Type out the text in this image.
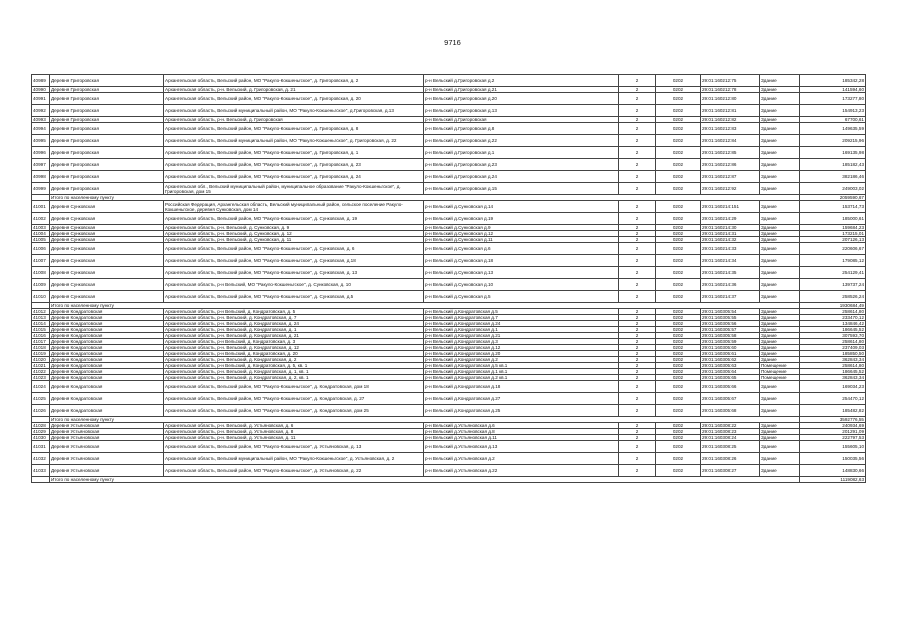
9716
40989	Деревня Григоровская	Архангельская область, Вельский район, МО "Ракуло-Кокшеньгское", д. Григоровская, д. 2	р-н Вельский д.Григоровская д.2	2	0202	29:01:160212:75	Здание	185342,28
40990	Деревня Григоровская	Архангельская область, р-н. Вельский, д. Григоровская, д. 21	р-н Вельский д.Григоровская д.21	2	0202	29:01:160212:78	Здание	141594,60
40991	Деревня Григоровская	Архангельская область, Вельский район, МО "Ракуло-Кокшеньгское", д. Григоровская, д. 20	р-н Вельский д.Григоровская д.20	2	0202	29:01:160212:80	Здание	173277,80
40992	Деревня Григоровская	Архангельская область, Вельский муниципальный район, МО "Ракуло-Кокшеньгское", д.Григоровская, д.13	р-н Вельский д.Григоровская д.13	2	0202	29:01:160212:81	Здание	154913,23
40993	Деревня Григоровская	Архангельская область, р-н. Вельский, д. Григоровская	р-н Вельский д.Григоровская	2	0202	29:01:160212:82	Здание	67700,61
40994	Деревня Григоровская	Архангельская область, Вельский район, МО "Ракуло-Кокшеньгское", д. Григоровская, д. 8	р-н Вельский д.Григоровская д.8	2	0202	29:01:160212:83	Здание	149635,59
40995	Деревня Григоровская	Архангельская область, Вельский муниципальный район, МО "Ракуло-Кокшеньгское", д. Григоровская, д. 22	р-н Вельский д.Григоровская д.22	2	0202	29:01:160212:84	Здание	209215,96
40996	Деревня Григоровская	Архангельская область, Вельский район, МО "Ракуло-Кокшеньгское", д. Григоровская, д. 1	р-н Вельский д.Григоровская д.1	2	0202	29:01:160212:85	Здание	169135,98
40997	Деревня Григоровская	Архангельская область, Вельский район, МО "Ракуло-Кокшеньгское", д. Григоровская, д. 23	р-н Вельский д.Григоровская д.23	2	0202	29:01:160212:86	Здание	185182,43
40998	Деревня Григоровская	Архангельская область, Вельский район, МО "Ракуло-Кокшеньгское", д. Григоровская, д. 24	р-н Вельский д.Григоровская д.24	2	0202	29:01:160212:87	Здание	382186,46
40999	Деревня Григоровская	Архангельская обл., Вельский муниципальный район, муниципальное образование "Ракуло-Кокшеньгское", д. Григоровская, дом 15	р-н Вельский д.Григоровская д.15	2	0202	29:01:160212:92	Здание	249003,02
	Итого по населенному пункту							2059590,67
41001	Деревня Сунковская	Российская Федерация, Архангельская область, Вельский муниципальный район, сельское поселение Ракуло-Кокшеньгское, деревня Сунковская, дом 14	р-н Вельский д.Сунковская д.14	2	0202	29:01:160214:151	Здание	153714,73
41002	Деревня Сунковская	Архангельская область, Вельский район, МО "Ракуло-Кокшеньгское", д. Сунковская, д. 19	р-н Вельский д.Сунковская д.19	2	0202	29:01:160214:29	Здание	185000,61
41003	Деревня Сунковская	Архангельская область, р-н. Вельский, д. Сунковская, д. 9	р-н Вельский д.Сунковская д.9	2	0202	29:01:160214:30	Здание	159684,23
41004	Деревня Сунковская	Архангельская область, р-н. Вельский, д. Сунковская, д. 12	р-н Вельский д.Сунковская д.12	2	0202	29:01:160214:31	Здание	173215,01
41005	Деревня Сунковская	Архангельская область, р-н. Вельский, д. Сунковская, д. 11	р-н Вельский д.Сунковская д.11	2	0202	29:01:160214:32	Здание	207126,13
41006	Деревня Сунковская	Архангельская область, Вельский район, МО "Ракуло-Кокшеньгское", д. Сунковская, д. 6	р-н Вельский д.Сунковская д.6	2	0202	29:01:160214:33	Здание	220606,67
41007	Деревня Сунковская	Архангельская область, Вельский район, МО "Ракуло-Кокшеньгское", д. Сунковская, д.18	р-н Вельский д.Сунковская д.18	2	0202	29:01:160214:34	Здание	179085,12
41008	Деревня Сунковская	Архангельская область, Вельский район, МО "Ракуло-Кокшеньгское", д. Сунковская, д. 13	р-н Вельский д.Сунковская д.13	2	0202	29:01:160214:35	Здание	254129,41
41009	Деревня Сунковская	Архангельская область, р-н Вельский, МО "Ракуло-Кокшеньгское", д. Сунковская, д. 10	р-н Вельский д.Сунковская д.10	2	0202	29:01:160214:36	Здание	139737,24
41010	Деревня Сунковская	Архангельская область, Вельский район, МО "Ракуло-Кокшеньгское", д. Сунковская, д.5	р-н Вельский д.Сунковская д.5	2	0202	29:01:160214:37	Здание	258526,24
	Итого по населенному пункту							1930684,49
41012	Деревня Кондратовская	Архангельская область, р-н Вельский, д. Кондратовская, д. 5	р-н Вельский д.Кондратовская д.5	2	0202	29:01:160305:54	Здание	258614,80
41013	Деревня Кондратовская	Архангельская область, р-н. Вельский, д. Кондратовская, д. 7	р-н Вельский д.Кондратовская д.7	2	0202	29:01:160305:55	Здание	233470,12
41014	Деревня Кондратовская	Архангельская область, р-н. Вельский, д. Кондратовская, д. 24	р-н Вельский д.Кондратовская д.24	2	0202	29:01:160305:56	Здание	134846,42
41015	Деревня Кондратовская	Архангельская область, р-н. Вельский, д. Кондратовская, д. 1	р-н Вельский д.Кондратовская д.1	2	0202	29:01:160305:57	Здание	186645,52
41016	Деревня Кондратовская	Архангельская область, р-н. Вельский, д. Кондратовская, д. 21	р-н Вельский д.Кондратовская д.21	2	0202	29:01:160305:58	Здание	307593,70
41017	Деревня Кондратовская	Архангельская область, р-н Вельский, д. Кондратовская, д. 3	р-н Вельский д.Кондратовская д.3	2	0202	29:01:160305:59	Здание	258614,80
41018	Деревня Кондратовская	Архангельская область, р-н. Вельский, д. Кондратовская, д. 12	р-н Вельский д.Кондратовская д.12	2	0202	29:01:160305:60	Здание	237409,03
41019	Деревня Кондратовская	Архангельская область, р-н Вельский, д. Кондратовская, д. 20	р-н Вельский д.Кондратовская д.20	2	0202	29:01:160305:61	Здание	185850,50
41020	Деревня Кондратовская	Архангельская область, р-н. Вельский, д. Кондратовская, д. 2	р-н Вельский д.Кондратовская д.2	2	0202	29:01:160305:62	Здание	362843,34
41021	Деревня Кондратовская	Архангельская область, р-н Вельский, д. Кондратовская, д. 5, кв. 1	р-н Вельский д.Кондратовская д.5 кв.1	2	0202	29:01:160305:63	Помещение	258614,80
41022	Деревня Кондратовская	Архангельская область, р-н. Вельский, д. Кондратовская, д. 1, кв. 1	р-н Вельский д.Кондратовская д.1 кв.1	2	0202	29:01:160305:64	Помещение	186645,52
41023	Деревня Кондратовская	Архангельская область, р-н. Вельский, д. Кондратовская, д. 2, кв. 1	р-н Вельский д.Кондратовская д.2 кв.1	2	0202	29:01:160305:65	Помещение	362843,34
41024	Деревня Кондратовская	Архангельская область, Вельский район, МО "Ракуло-Кокшеньгское", д. Кондратовская, дом 18	р-н Вельский д.Кондратовская д.18	2	0202	29:01:160305:66	Здание	169034,23
41025	Деревня Кондратовская	Архангельская область, Вельский район, МО "Ракуло-Кокшеньгское", д. Кондратовская, д. 27	р-н Вельский д.Кондратовская д.27	2	0202	29:01:160305:67	Здание	254470,12
41026	Деревня Кондратовская	Архангельская область, Вельский район, МО "Ракуло-Кокшеньгское", д. Кондратовская, дом 25	р-н Вельский д.Кондратовская д.25	2	0202	29:01:160305:68	Здание	185482,82
	Итого по населенному пункту							3592776,55
41028	Деревня Устьяновская	Архангельская область, р-н. Вельский, д. Устьяновская, д. 6	р-н Вельский д.Устьяновская д.6	2	0202	29:01:160308:22	Здание	240934,69
41029	Деревня Устьяновская	Архангельская область, р-н. Вельский, д. Устьяновская, д. 8	р-н Вельский д.Устьяновская д.8	2	0202	29:01:160308:23	Здание	201291,09
41030	Деревня Устьяновская	Архангельская область, р-н. Вельский, д. Устьяновская, д. 11	р-н Вельский д.Устьяновская д.11	2	0202	29:01:160308:24	Здание	222797,53
41031	Деревня Устьяновская	Архангельская область, Вельский район, МО "Ракуло-Кокшеньгское", д. Устьяновская, д. 13	р-н Вельский д.Устьяновская д.13	2	0202	29:01:160308:25	Здание	155605,10
41032	Деревня Устьяновская	Архангельская область, Вельский муниципальный район, МО "Ракуло-Кокшеньгское", д. Устьяновская, д. 2	р-н Вельский д.Устьяновская д.2	2	0202	29:01:160308:26	Здание	150035,56
41033	Деревня Устьяновская	Архангельская область, Вельский район, МО "Ракуло-Кокшеньгское", д. Устьяновская, д. 22	р-н Вельский д.Устьяновская д.22	2	0202	29:01:160308:27	Здание	148830,66
	Итого по населенному пункту							1119082,63
